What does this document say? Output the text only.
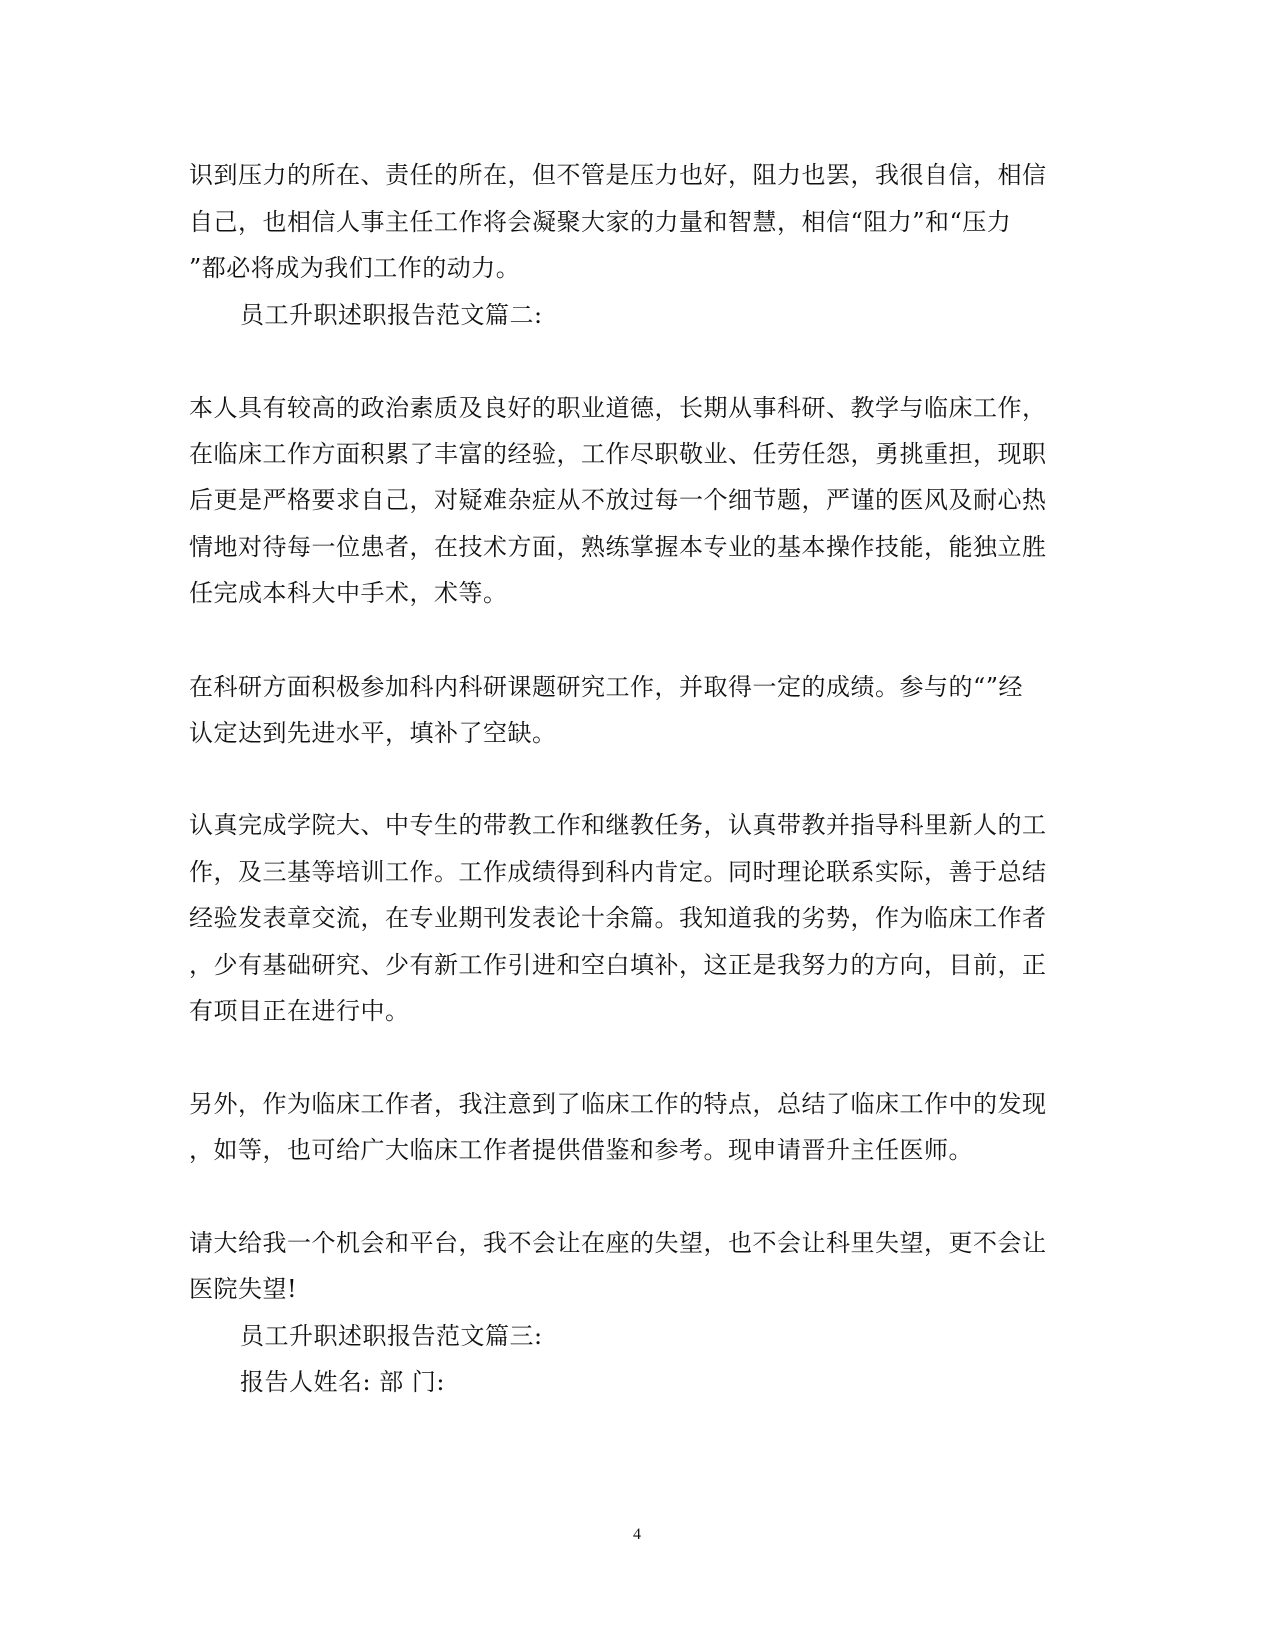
识到压力的所在、责任的所在，但不管是压力也好，阻力也罢，我很自信，相信
自己，也相信人事主任工作将会凝聚大家的力量和智慧，相信“阻力”和“压力
”都必将成为我们工作的动力。
员工升职述职报告范文篇二:
本人具有较高的政治素质及良好的职业道德，长期从事科研、教学与临床工作，
在临床工作方面积累了丰富的经验，工作尽职敬业、任劳任怨，勇挑重担，现职
后更是严格要求自己，对疑难杂症从不放过每一个细节题，严谨的医风及耐心热
情地对待每一位患者，在技术方面，熟练掌握本专业的基本操作技能，能独立胜
任完成本科大中手术，术等。
在科研方面积极参加科内科研课题研究工作，并取得一定的成绩。参与的“”经
认定达到先进水平，填补了空缺。
认真完成学院大、中专生的带教工作和继教任务，认真带教并指导科里新人的工
作，及三基等培训工作。工作成绩得到科内肯定。同时理论联系实际，善于总结
经验发表章交流，在专业期刊发表论十余篇。我知道我的劣势，作为临床工作者
，少有基础研究、少有新工作引进和空白填补，这正是我努力的方向，目前，正
有项目正在进行中。
另外，作为临床工作者，我注意到了临床工作的特点，总结了临床工作中的发现
，如等，也可给广大临床工作者提供借鉴和参考。现申请晋升主任医师。
请大给我一个机会和平台，我不会让在座的失望，也不会让科里失望，更不会让
医院失望!
员工升职述职报告范文篇三:
报告人姓名: 部 门:
4
